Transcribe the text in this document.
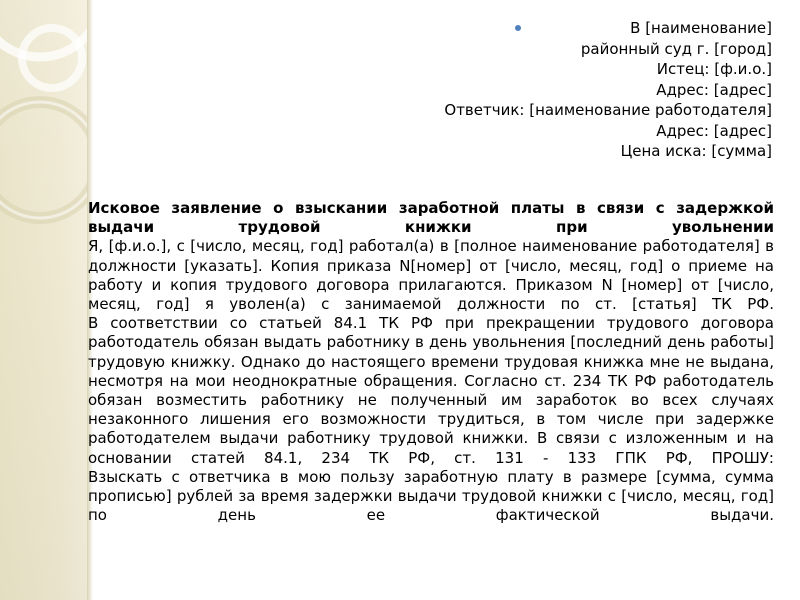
В [наименование]
районный суд г. [город]
Истец: [ф.и.о.]
Адрес: [адрес]
Ответчик: [наименование работодателя]
Адрес: [адрес]
Цена иска: [сумма]

Исковое заявление о взыскании заработной платы в связи с задержкой выдачи трудовой книжки при увольнении

Я, [ф.и.о.], с [число, месяц, год] работал(а) в [полное наименование работодателя] в должности [указать]. Копия приказа N[номер] от [число, месяц, год] о приеме на работу и копия трудового договора прилагаются. Приказом N [номер] от [число, месяц, год] я уволен(а) с занимаемой должности по ст. [статья] ТК РФ.

В соответствии со статьей 84.1 ТК РФ при прекращении трудового договора работодатель обязан выдать работнику в день увольнения [последний день работы] трудовую книжку. Однако до настоящего времени трудовая книжка мне не выдана, несмотря на мои неоднократные обращения. Согласно ст. 234 ТК РФ работодатель обязан возместить работнику не полученный им заработок во всех случаях незаконного лишения его возможности трудиться, в том числе при задержке работодателем выдачи работнику трудовой книжки. В связи с изложенным и на основании статей 84.1, 234 ТК РФ, ст. 131 - 133 ГПК РФ, ПРОШУ:

Взыскать с ответчика в мою пользу заработную плату в размере [сумма, сумма прописью] рублей за время задержки выдачи трудовой книжки с [число, месяц, год] по день ее фактической выдачи.
